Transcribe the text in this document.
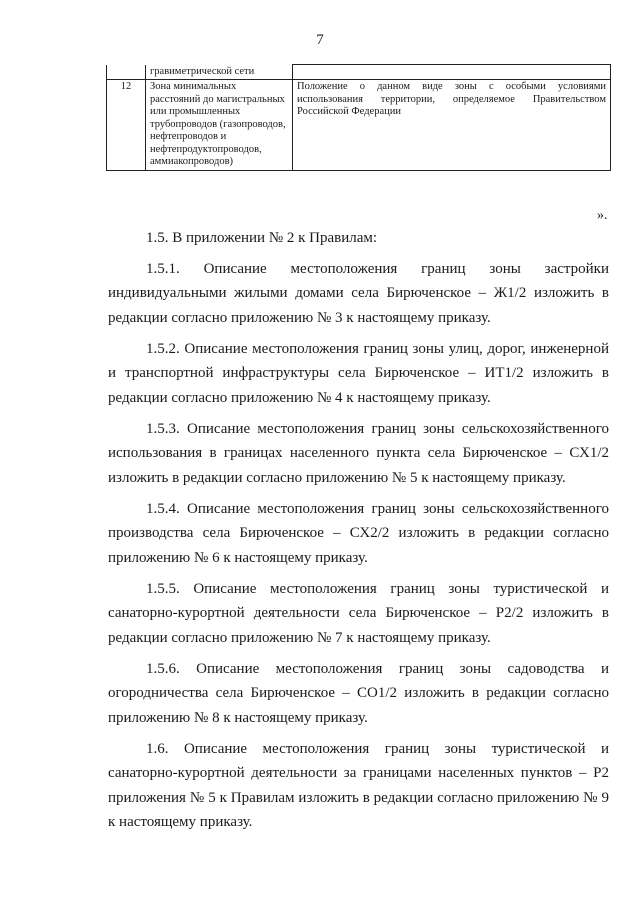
7
	гравиметрической сети	
12	Зона минимальных расстояний до магистральных или промышленных трубопроводов (газопроводов, нефтепроводов и нефтепродуктопроводов, аммиакопроводов)	Положение о данном виде зоны с особыми условиями использования территории, определяемое Правительством Российской Федерации
».

1.5. В приложении № 2 к Правилам:

1.5.1. Описание местоположения границ зоны застройки индивидуальными жилыми домами села Бирюченское – Ж1/2 изложить в редакции согласно приложению № 3 к настоящему приказу.

1.5.2. Описание местоположения границ зоны улиц, дорог, инженерной и транспортной инфраструктуры села Бирюченское – ИТ1/2 изложить в редакции согласно приложению № 4 к настоящему приказу.

1.5.3. Описание местоположения границ зоны сельскохозяйственного использования в границах населенного пункта села Бирюченское – СХ1/2 изложить в редакции согласно приложению № 5 к настоящему приказу.

1.5.4. Описание местоположения границ зоны сельскохозяйственного производства села Бирюченское – СХ2/2 изложить в редакции согласно приложению № 6 к настоящему приказу.

1.5.5. Описание местоположения границ зоны туристической и санаторно-курортной деятельности села Бирюченское – Р2/2 изложить в редакции согласно приложению № 7 к настоящему приказу.

1.5.6. Описание местоположения границ зоны садоводства и огородничества села Бирюченское – СО1/2 изложить в редакции согласно приложению № 8 к настоящему приказу.

1.6. Описание местоположения границ зоны туристической и санаторно-курортной деятельности за границами населенных пунктов – Р2 приложения № 5 к Правилам изложить в редакции согласно приложению № 9 к настоящему приказу.
